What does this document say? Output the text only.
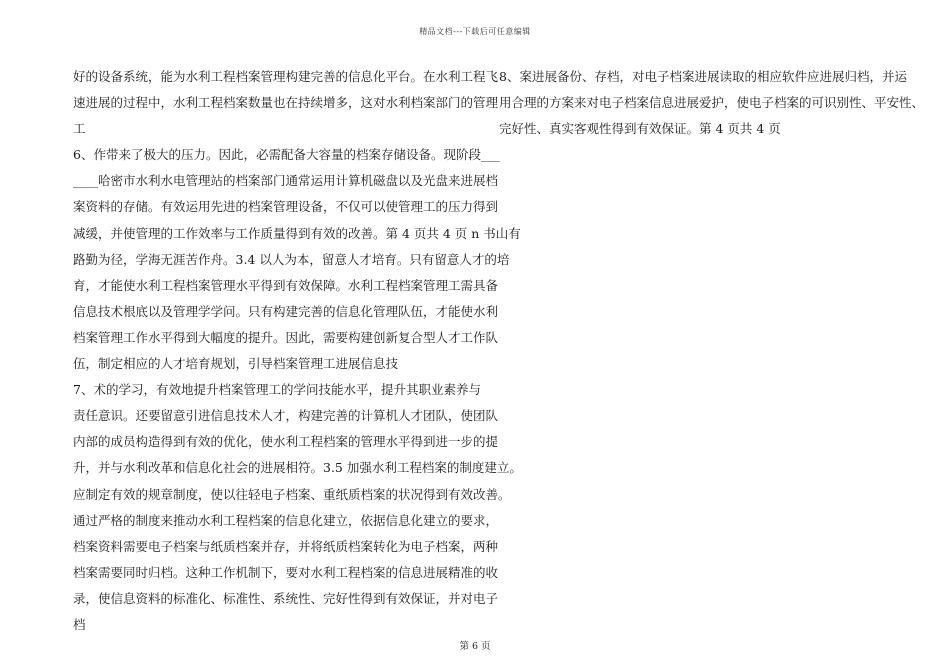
精品文档---下载后可任意编辑
好的设备系统，能为水利工程档案管理构建完善的信息化平台。在水利工程飞
速进展的过程中，水利工程档案数量也在持续增多，这对水利档案部门的管理
工
6、作带来了极大的压力。因此，必需配备大容量的档案存储设备。现阶段___
____哈密市水利水电管理站的档案部门通常运用计算机磁盘以及光盘来进展档
案资料的存储。有效运用先进的档案管理设备，不仅可以使管理工的压力得到
减缓，并使管理的工作效率与工作质量得到有效的改善。第 4 页共 4 页 n 书山有
路勤为径，学海无涯苦作舟。3.4 以人为本，留意人才培育。只有留意人才的培
育，才能使水利工程档案管理水平得到有效保障。水利工程档案管理工需具备
信息技术根底以及管理学学问。只有构建完善的信息化管理队伍，才能使水利
档案管理工作水平得到大幅度的提升。因此，需要构建创新复合型人才工作队
伍，制定相应的人才培育规划，引导档案管理工进展信息技
7、术的学习，有效地提升档案管理工的学问技能水平，提升其职业素养与
责任意识。还要留意引进信息技术人才，构建完善的计算机人才团队，使团队
内部的成员构造得到有效的优化，使水利工程档案的管理水平得到进一步的提
升，并与水利改革和信息化社会的进展相符。3.5 加强水利工程档案的制度建立。
应制定有效的规章制度，使以往轻电子档案、重纸质档案的状况得到有效改善。
通过严格的制度来推动水利工程档案的信息化建立，依据信息化建立的要求，
档案资料需要电子档案与纸质档案并存，并将纸质档案转化为电子档案，两种
档案需要同时归档。这种工作机制下，要对水利工程档案的信息进展精准的收
录，使信息资料的标准化、标准性、系统性、完好性得到有效保证，并对电子
档
8、案进展备份、存档，对电子档案进展读取的相应软件应进展归档，并运
用合理的方案来对电子档案信息进展爱护，使电子档案的可识别性、平安性、
完好性、真实客观性得到有效保证。第 4 页共 4 页
第 6 页
